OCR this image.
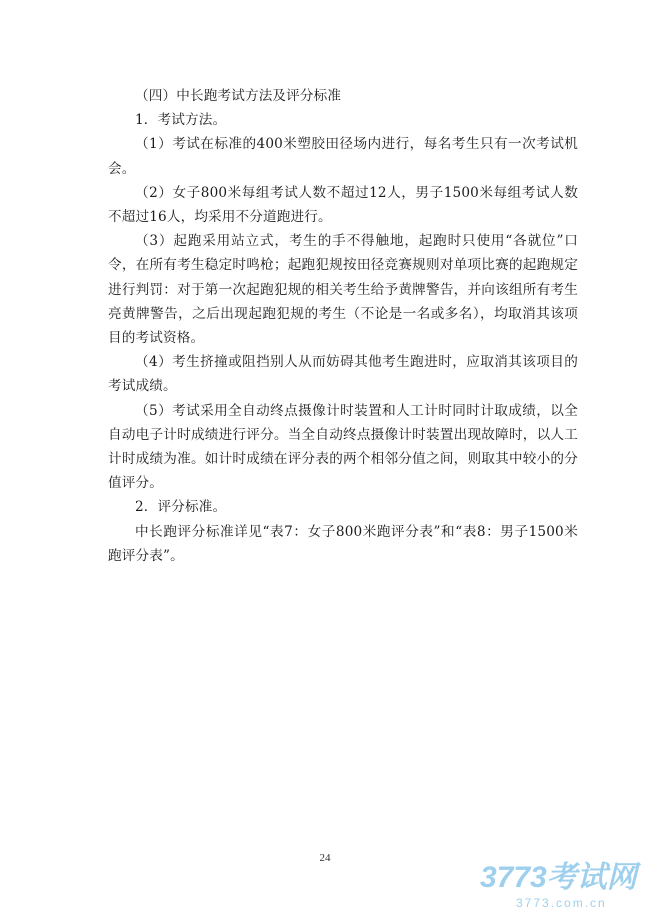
（四）中长跑考试方法及评分标准

1．考试方法。

（1）考试在标准的400米塑胶田径场内进行，每名考生只有一次考试机会。

（2）女子800米每组考试人数不超过12人，男子1500米每组考试人数不超过16人，均采用不分道跑进行。

（3）起跑采用站立式，考生的手不得触地，起跑时只使用“各就位”口令，在所有考生稳定时鸣枪；起跑犯规按田径竞赛规则对单项比赛的起跑规定进行判罚：对于第一次起跑犯规的相关考生给予黄牌警告，并向该组所有考生亮黄牌警告，之后出现起跑犯规的考生（不论是一名或多名），均取消其该项目的考试资格。

（4）考生挤撞或阻挡别人从而妨碍其他考生跑进时，应取消其该项目的考试成绩。

（5）考试采用全自动终点摄像计时装置和人工计时同时计取成绩，以全自动电子计时成绩进行评分。当全自动终点摄像计时装置出现故障时，以人工计时成绩为准。如计时成绩在评分表的两个相邻分值之间，则取其中较小的分值评分。

2．评分标准。

中长跑评分标准详见“表7：女子800米跑评分表”和“表8：男子1500米跑评分表”。

24
3773考试网
3773.com.cn
